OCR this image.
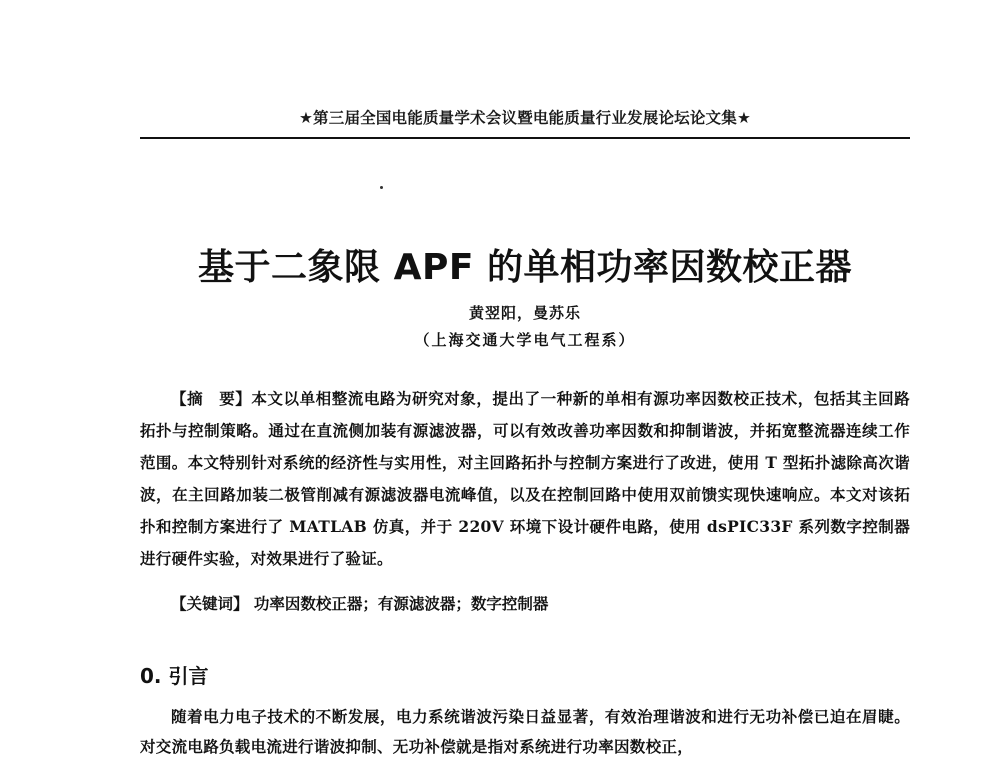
★第三届全国电能质量学术会议暨电能质量行业发展论坛论文集★
基于二象限 APF 的单相功率因数校正器
黄翌阳，曼苏乐
（上海交通大学电气工程系）

【摘　要】本文以单相整流电路为研究对象，提出了一种新的单相有源功率因数校正技术，包括其主回路拓扑与控制策略。通过在直流侧加装有源滤波器，可以有效改善功率因数和抑制谐波，并拓宽整流器连续工作范围。本文特别针对系统的经济性与实用性，对主回路拓扑与控制方案进行了改进，使用 T 型拓扑滤除高次谐波，在主回路加装二极管削减有源滤波器电流峰值，以及在控制回路中使用双前馈实现快速响应。本文对该拓扑和控制方案进行了 MATLAB 仿真，并于 220V 环境下设计硬件电路，使用 dsPIC33F 系列数字控制器进行硬件实验，对效果进行了验证。

【关键词】 功率因数校正器；有源滤波器；数字控制器

0. 引言

随着电力电子技术的不断发展，电力系统谐波污染日益显著，有效治理谐波和进行无功补偿已迫在眉睫。对交流电路负载电流进行谐波抑制、无功补偿就是指对系统进行功率因数校正，
